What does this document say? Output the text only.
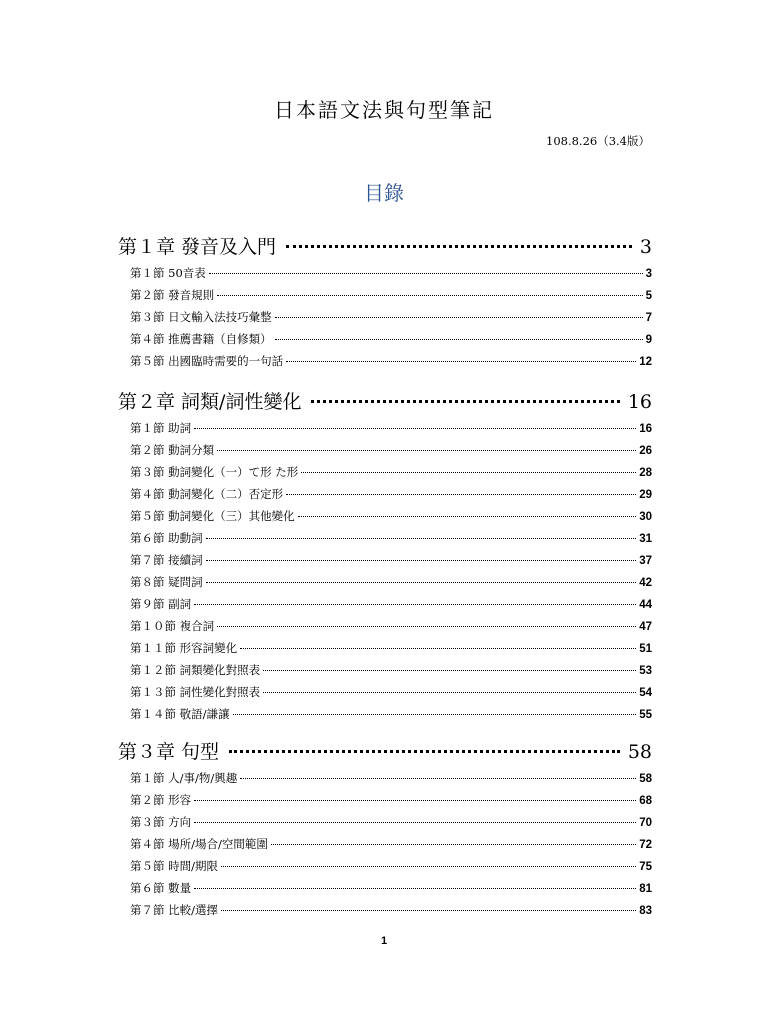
日本語文法與句型筆記
108.8.26（3.4版）
目錄
第１章 發音及入門	3
第１節 50音表	3
第２節 發音規則	5
第３節 日文輸入法技巧彙整	7
第４節 推薦書籍（自修類）	9
第５節 出國臨時需要的一句話	12
第２章 詞類/詞性變化	16
第１節 助詞	16
第２節 動詞分類	26
第３節 動詞變化（一）て形 た形	28
第４節 動詞變化（二）否定形	29
第５節 動詞變化（三）其他變化	30
第６節 助動詞	31
第７節 接續詞	37
第８節 疑問詞	42
第９節 副詞	44
第１０節 複合詞	47
第１１節 形容詞變化	51
第１２節 詞類變化對照表	53
第１３節 詞性變化對照表	54
第１４節 敬語/謙讓	55
第３章 句型	58
第１節 人/事/物/興趣	58
第２節 形容	68
第３節 方向	70
第４節 場所/場合/空間範圍	72
第５節 時間/期限	75
第６節 數量	81
第７節 比較/選擇	83
1
